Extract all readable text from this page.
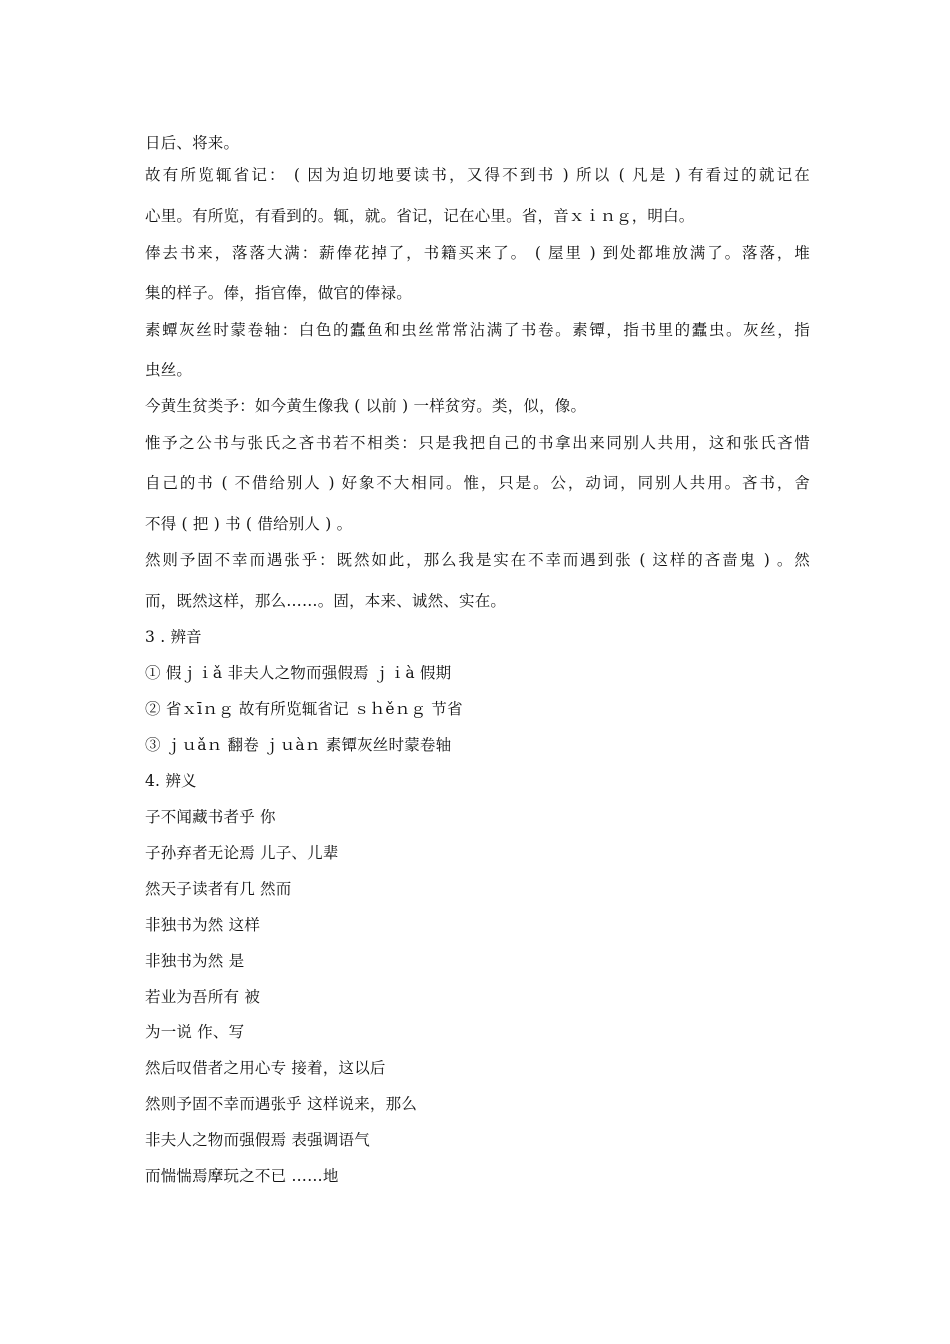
日后、将来。
故有所览辄省记： ( 因为迫切地要读书，又得不到书 ) 所以 ( 凡是 ) 有看过的就记在
心里。有所览，有看到的。辄，就。省记，记在心里。省，音ｘｉｎｇ，明白。
俸去书来，落落大满：薪俸花掉了，书籍买来了。 ( 屋里 ) 到处都堆放满了。落落，堆
集的样子。俸，指官俸，做官的俸禄。
素蟫灰丝时蒙卷轴：白色的蠹鱼和虫丝常常沾满了书卷。素镡，指书里的蠹虫。灰丝，指
虫丝。
今黄生贫类予：如今黄生像我 ( 以前 ) 一样贫穷。类，似，像。
惟予之公书与张氏之吝书若不相类：只是我把自己的书拿出来同别人共用，这和张氏吝惜
自己的书 ( 不借给别人 ) 好象不大相同。惟，只是。公，动词，同别人共用。吝书，舍
不得 ( 把 ) 书 ( 借给别人 ) 。
然则予固不幸而遇张乎：既然如此，那么我是实在不幸而遇到张 ( 这样的吝啬鬼 ) 。然
而，既然这样，那么……。固，本来、诚然、实在。
3 . 辨音
① 假ｊｉǎ 非夫人之物而强假焉 ｊｉà 假期
② 省ｘīｎｇ 故有所览辄省记 ｓｈěｎｇ 节省
③ ｊｕǎｎ 翻卷 ｊｕàｎ 素镡灰丝时蒙卷轴
4. 辨义
子不闻藏书者乎 你
子孙弃者无论焉 儿子、儿辈
然天子读者有几 然而
非独书为然 这样
非独书为然 是
若业为吾所有 被
为一说 作、写
然后叹借者之用心专 接着，这以后
然则予固不幸而遇张乎 这样说来，那么
非夫人之物而强假焉 表强调语气
而惴惴焉摩玩之不已 ……地
